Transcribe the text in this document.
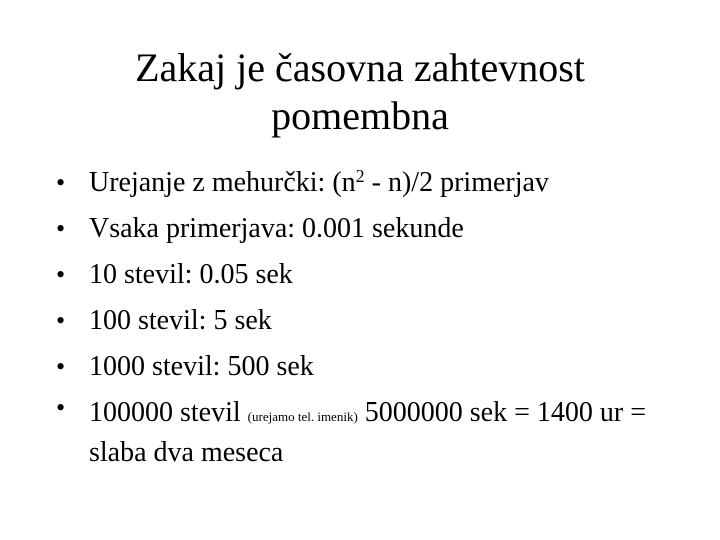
Zakaj je časovna zahtevnost
pomembna
• Urejanje z mehurčki: $(n^2 - n)/2$ primerjav
• Vsaka primerjava: 0.001 sekunde
• 10 stevil: 0.05 sek
• 100 stevil: 5 sek
• 1000 stevil: 500 sek
• 100000 stevil (urejamo tel. imenik) 5000000 sek = 1400 ur = slaba dva meseca
